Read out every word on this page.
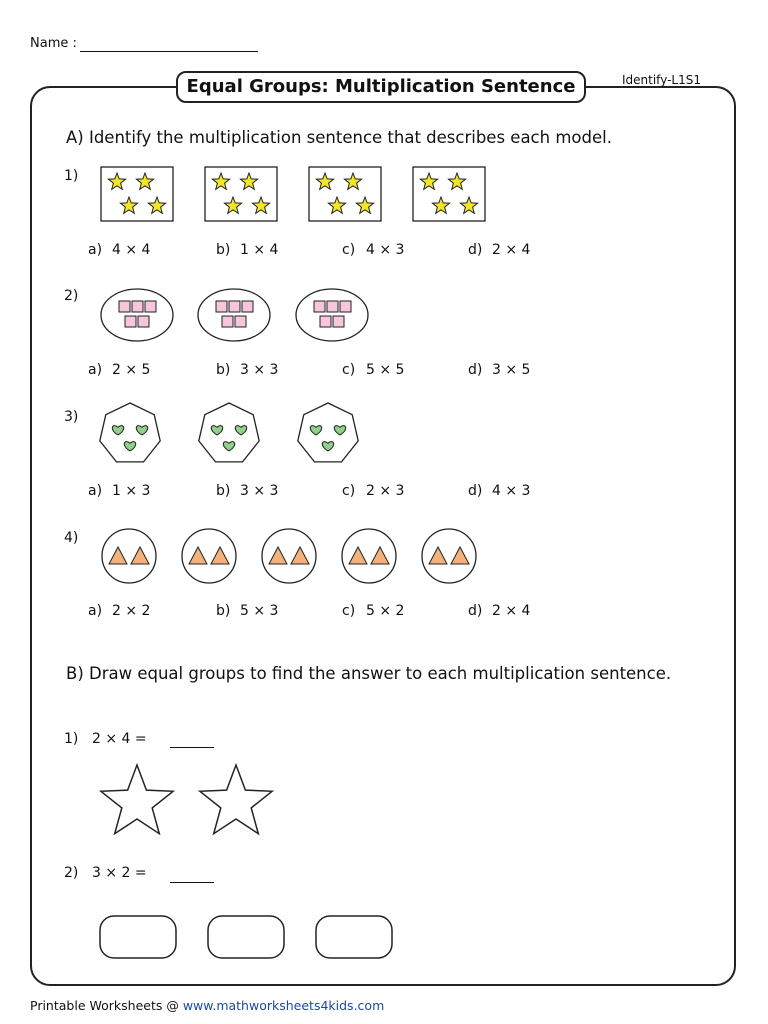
Name :
Equal Groups: Multiplication Sentence	Identify-L1S1
A) Identify the multiplication sentence that describes each model.
1)
2)
3)
4)
a) 4 × 4	b) 1 × 4	c) 4 × 3	d) 2 × 4
a) 2 × 5	b) 3 × 3	c) 5 × 5	d) 3 × 5
a) 1 × 3	b) 3 × 3	c) 2 × 3	d) 4 × 3
a) 2 × 2	b) 5 × 3	c) 5 × 2	d) 2 × 4
B) Draw equal groups to find the answer to each multiplication sentence.
1) 2 × 4 =
2) 3 × 2 =
Printable Worksheets @ www.mathworksheets4kids.com
